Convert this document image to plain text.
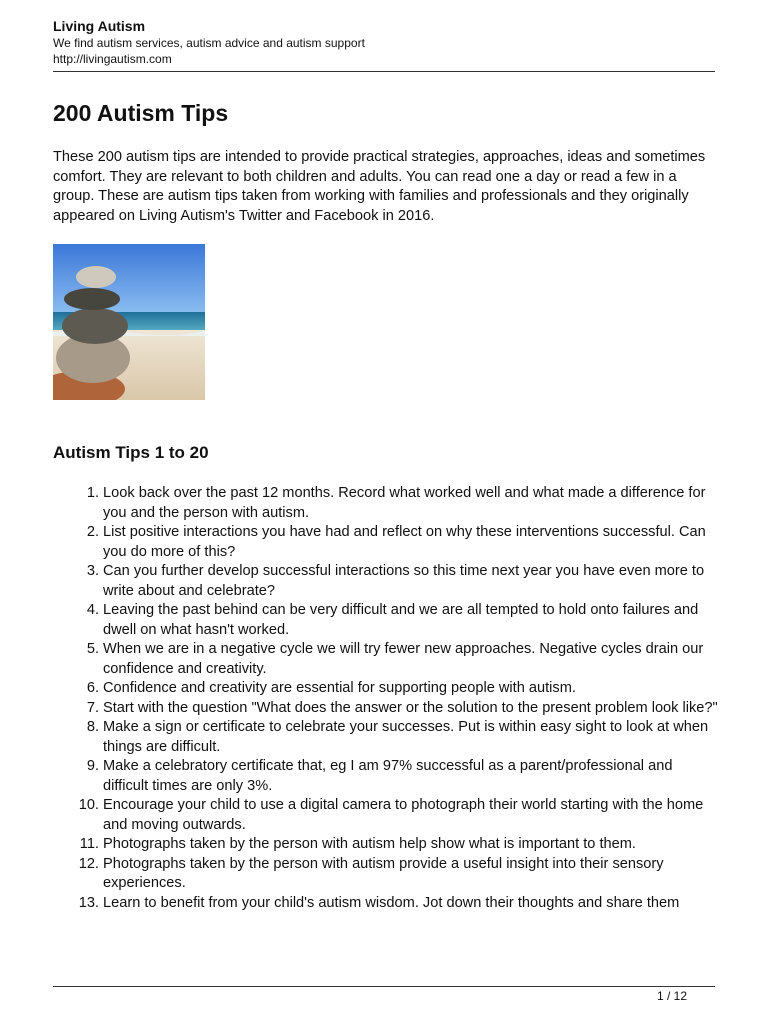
Living Autism
We find autism services, autism advice and autism support
http://livingautism.com
200 Autism Tips

These 200 autism tips are intended to provide practical strategies, approaches, ideas and sometimes comfort. They are relevant to both children and adults. You can read one a day or read a few in a group. These are autism tips taken from working with families and professionals and they originally appeared on Living Autism's Twitter and Facebook in 2016.

Autism Tips 1 to 20
1. Look back over the past 12 months. Record what worked well and what made a difference for you and the person with autism.
2. List positive interactions you have had and reflect on why these interventions successful. Can you do more of this?
3. Can you further develop successful interactions so this time next year you have even more to write about and celebrate?
4. Leaving the past behind can be very difficult and we are all tempted to hold onto failures and dwell on what hasn't worked.
5. When we are in a negative cycle we will try fewer new approaches. Negative cycles drain our confidence and creativity.
6. Confidence and creativity are essential for supporting people with autism.
7. Start with the question "What does the answer or the solution to the present problem look like?"
8. Make a sign or certificate to celebrate your successes. Put is within easy sight to look at when things are difficult.
9. Make a celebratory certificate that, eg I am 97% successful as a parent/professional and difficult times are only 3%.
10. Encourage your child to use a digital camera to photograph their world starting with the home and moving outwards.
11. Photographs taken by the person with autism help show what is important to them.
12. Photographs taken by the person with autism provide a useful insight into their sensory experiences.
13. Learn to benefit from your child's autism wisdom. Jot down their thoughts and share them
1 / 12
